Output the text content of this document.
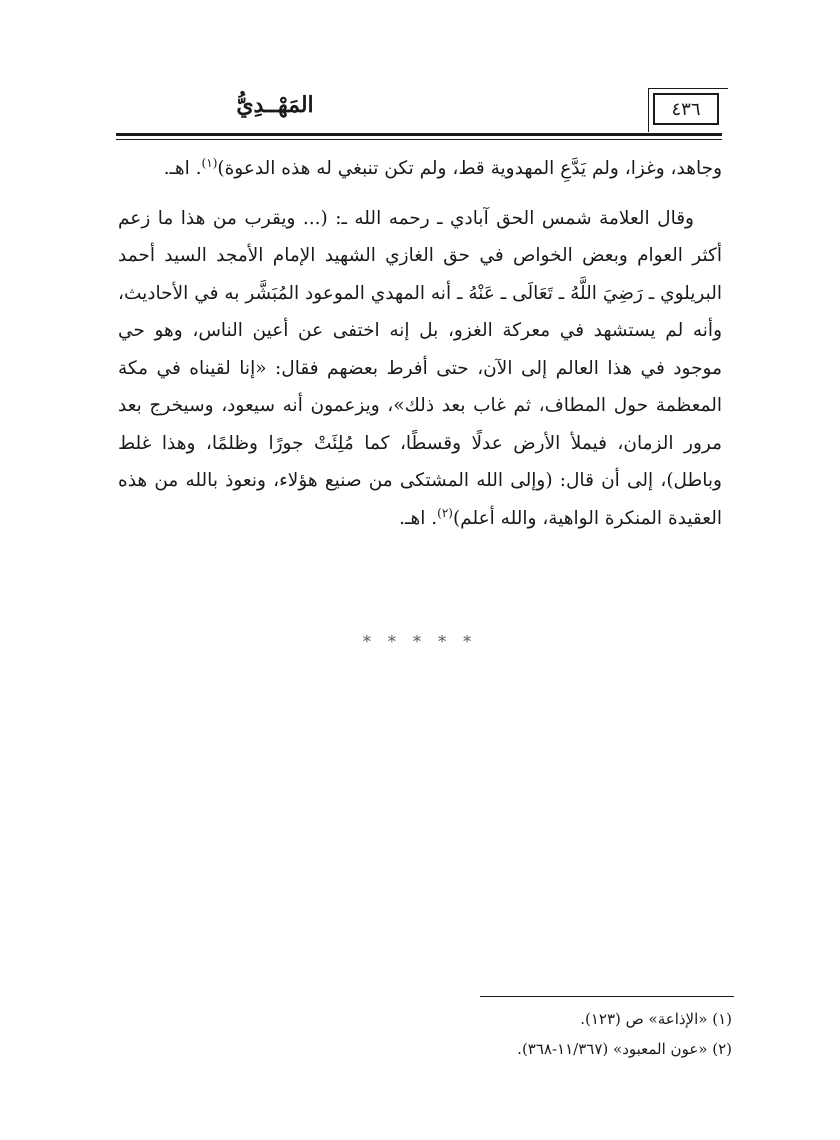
٤٣٦
المَهْــدِيُّ

وجاهد، وغزا، ولم يَدَّعِ المهدوية قط، ولم تكن تنبغي له هذه الدعوة)$^{(١)}$. اهـ.

وقال العلامة شمس الحق آبادي ـ رحمه الله ـ: (... ويقرب من هذا ما زعم أكثر العوام وبعض الخواص في حق الغازي الشهيد الإمام الأمجد السيد أحمد البريلوي ـ رَضِيَ اللَّهُ ـ تَعَالَى ـ عَنْهُ ـ أنه المهدي الموعود المُبَشَّر به في الأحاديث، وأنه لم يستشهد في معركة الغزو، بل إنه اختفى عن أعين الناس، وهو حي موجود في هذا العالم إلى الآن، حتى أفرط بعضهم فقال: «إنا لقيناه في مكة المعظمة حول المطاف، ثم غاب بعد ذلك»، ويزعمون أنه سيعود، وسيخرج بعد مرور الزمان، فيملأ الأرض عدلًا وقسطًا، كما مُلِئَتْ جورًا وظلمًا، وهذا غلط وباطل)، إلى أن قال: (وإلى الله المشتكى من صنيع هؤلاء، ونعوذ بالله من هذه العقيدة المنكرة الواهية، والله أعلم)$^{(٢)}$. اهـ.

* * * * *
(١) «الإذاعة» ص (١٢٣).
(٢) «عون المعبود» (١١/٣٦٧-٣٦٨).
